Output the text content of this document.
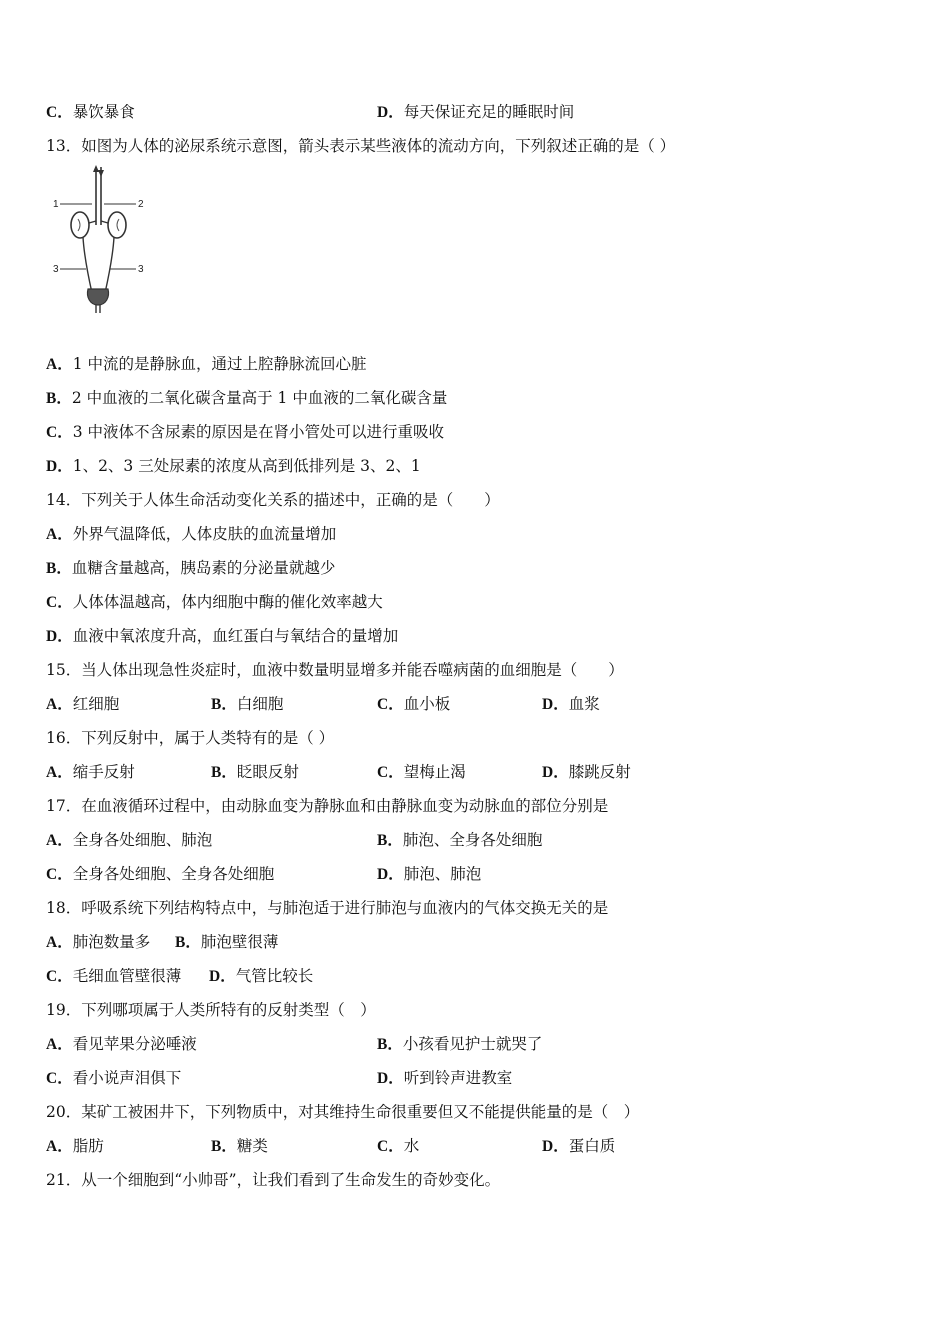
C．暴饮暴食	D．每天保证充足的睡眠时间
13．如图为人体的泌尿系统示意图，箭头表示某些液体的流动方向，下列叙述正确的是（ ）
1	2
3	3
A．1 中流的是静脉血，通过上腔静脉流回心脏
B．2 中血液的二氧化碳含量高于 1 中血液的二氧化碳含量
C．3 中液体不含尿素的原因是在肾小管处可以进行重吸收
D．1、2、3 三处尿素的浓度从高到低排列是 3、2、1
14．下列关于人体生命活动变化关系的描述中，正确的是（　　）
A．外界气温降低，人体皮肤的血流量增加
B．血糖含量越高，胰岛素的分泌量就越少
C．人体体温越高，体内细胞中酶的催化效率越大
D．血液中氧浓度升高，血红蛋白与氧结合的量增加
15．当人体出现急性炎症时，血液中数量明显增多并能吞噬病菌的血细胞是（　　）
A．红细胞	B．白细胞	C．血小板	D．血浆
16．下列反射中，属于人类特有的是（ ）
A．缩手反射	B．眨眼反射	C．望梅止渴	D．膝跳反射
17．在血液循环过程中，由动脉血变为静脉血和由静脉血变为动脉血的部位分别是
A．全身各处细胞、肺泡	B．肺泡、全身各处细胞
C．全身各处细胞、全身各处细胞	D．肺泡、肺泡
18．呼吸系统下列结构特点中，与肺泡适于进行肺泡与血液内的气体交换无关的是
A．肺泡数量多 B．肺泡壁很薄
C．毛细血管壁很薄 D．气管比较长
19．下列哪项属于人类所特有的反射类型（　）
A．看见苹果分泌唾液	B．小孩看见护士就哭了
C．看小说声泪俱下	D．听到铃声进教室
20．某矿工被困井下，下列物质中，对其维持生命很重要但又不能提供能量的是（　）
A．脂肪	B．糖类	C．水	D．蛋白质
21．从一个细胞到“小帅哥”，让我们看到了生命发生的奇妙变化。
